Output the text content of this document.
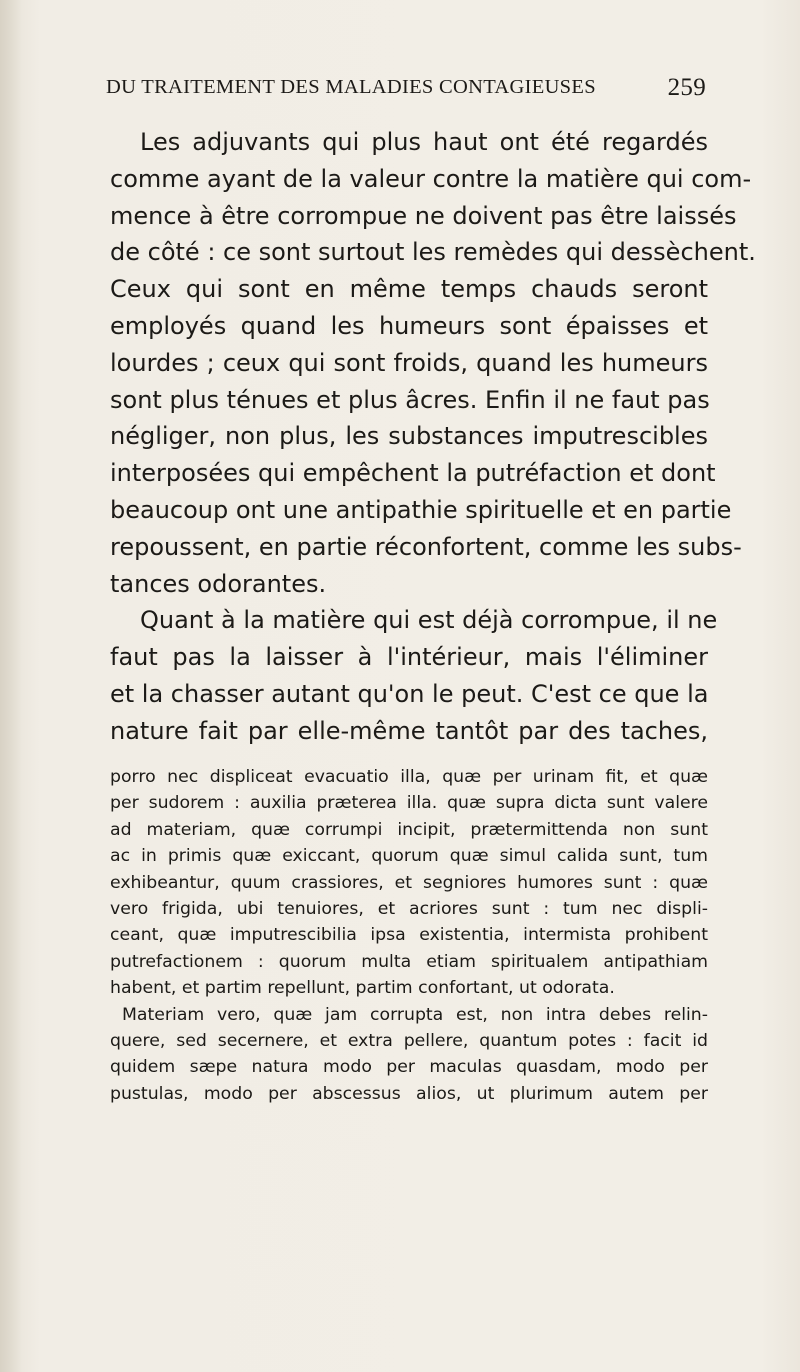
DU TRAITEMENT DES MALADIES CONTAGIEUSES	259
Les adjuvants qui plus haut ont été regardés
comme ayant de la valeur contre la matière qui com-
mence à être corrompue ne doivent pas être laissés
de côté : ce sont surtout les remèdes qui dessèchent.
Ceux qui sont en même temps chauds seront
employés quand les humeurs sont épaisses et
lourdes ; ceux qui sont froids, quand les humeurs
sont plus ténues et plus âcres. Enfin il ne faut pas
négliger, non plus, les substances imputrescibles
interposées qui empêchent la putréfaction et dont
beaucoup ont une antipathie spirituelle et en partie
repoussent, en partie réconfortent, comme les subs-
tances odorantes.
Quant à la matière qui est déjà corrompue, il ne
faut pas la laisser à l'intérieur, mais l'éliminer
et la chasser autant qu'on le peut. C'est ce que la
nature fait par elle-même tantôt par des taches,
porro nec displiceat evacuatio illa, quæ per urinam fit, et quæ
per sudorem : auxilia præterea illa. quæ supra dicta sunt valere
ad materiam, quæ corrumpi incipit, prætermittenda non sunt
ac in primis quæ exiccant, quorum quæ simul calida sunt, tum
exhibeantur, quum crassiores, et segniores humores sunt : quæ
vero frigida, ubi tenuiores, et acriores sunt : tum nec displi-
ceant, quæ imputrescibilia ipsa existentia, intermista prohibent
putrefactionem : quorum multa etiam spiritualem antipathiam
habent, et partim repellunt, partim confortant, ut odorata.
Materiam vero, quæ jam corrupta est, non intra debes relin-
quere, sed secernere, et extra pellere, quantum potes : facit id
quidem sæpe natura modo per maculas quasdam, modo per
pustulas, modo per abscessus alios, ut plurimum autem per
